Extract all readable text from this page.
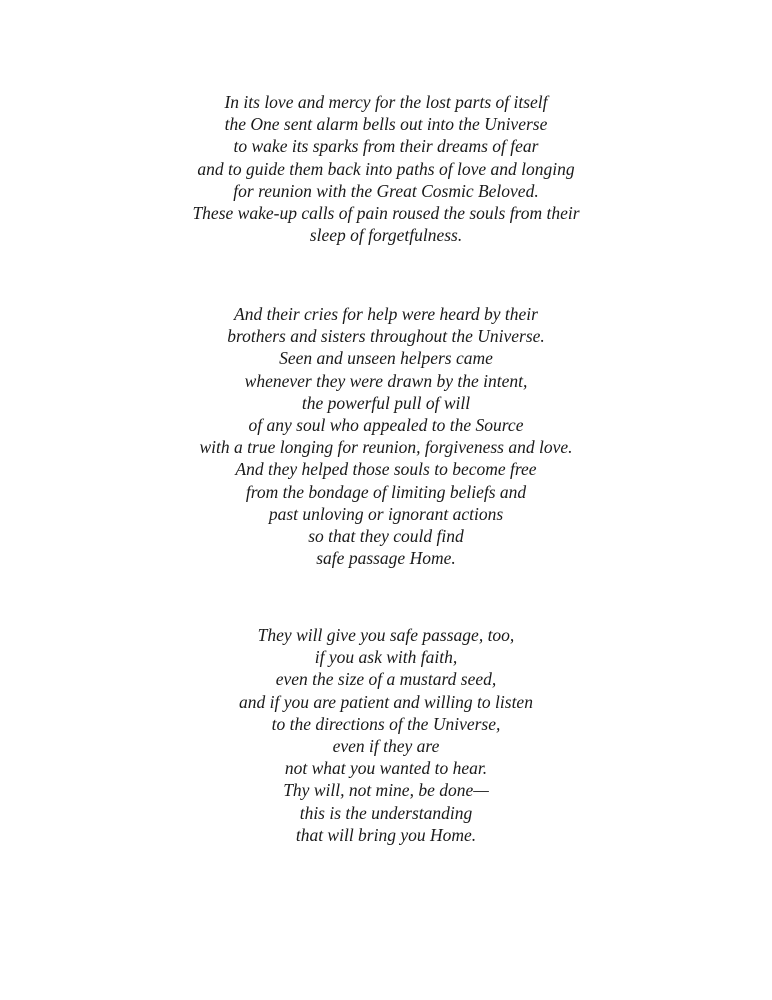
In its love and mercy for the lost parts of itself
the One sent alarm bells out into the Universe
to wake its sparks from their dreams of fear
and to guide them back into paths of love and longing
for reunion with the Great Cosmic Beloved.
These wake-up calls of pain roused the souls from their
sleep of forgetfulness.
And their cries for help were heard by their
brothers and sisters throughout the Universe.
Seen and unseen helpers came
whenever they were drawn by the intent,
the powerful pull of will
of any soul who appealed to the Source
with a true longing for reunion, forgiveness and love.
And they helped those souls to become free
from the bondage of limiting beliefs and
past unloving or ignorant actions
so that they could find
safe passage Home.
They will give you safe passage, too,
if you ask with faith,
even the size of a mustard seed,
and if you are patient and willing to listen
to the directions of the Universe,
even if they are
not what you wanted to hear.
Thy will, not mine, be done—
this is the understanding
that will bring you Home.
